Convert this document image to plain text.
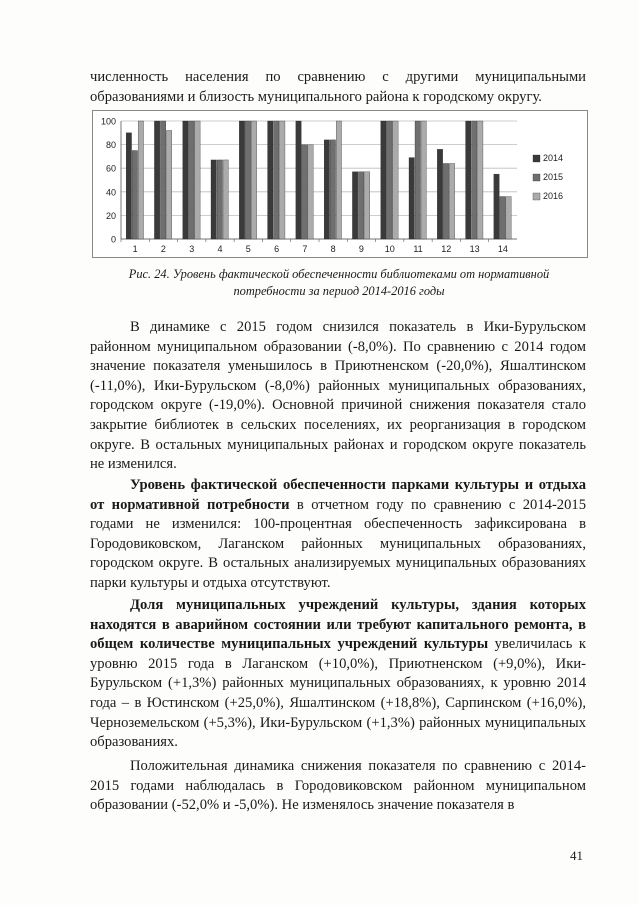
численность населения по сравнению с другими муниципальными образованиями и близость муниципального района к городскому округу.

0
20
40
60
80
100
1	2	3	4	5	6	7	8	9 10 11 12 13 14
2014
2015
2016
Рис. 24. Уровень фактической обеспеченности библиотеками от нормативной потребности за период 2014-2016 годы

В динамике с 2015 годом снизился показатель в Ики-Бурульском районном муниципальном образовании (-8,0%). По сравнению с 2014 годом значение показателя уменьшилось в Приютненском (-20,0%), Яшалтинском (-11,0%), Ики-Бурульском (-8,0%) районных муниципальных образованиях, городском округе (-19,0%). Основной причиной снижения показателя стало закрытие библиотек в сельских поселениях, их реорганизация в городском округе. В остальных муниципальных районах и городском округе показатель не изменился.

Уровень фактической обеспеченности парками культуры и отдыха от нормативной потребности в отчетном году по сравнению с 2014-2015 годами не изменился: 100-процентная обеспеченность зафиксирована в Городовиковском, Лаганском районных муниципальных образованиях, городском округе. В остальных анализируемых муниципальных образованиях парки культуры и отдыха отсутствуют.

Доля муниципальных учреждений культуры, здания которых находятся в аварийном состоянии или требуют капитального ремонта, в общем количестве муниципальных учреждений культуры увеличилась к уровню 2015 года в Лаганском (+10,0%), Приютненском (+9,0%), Ики-Бурульском (+1,3%) районных муниципальных образованиях, к уровню 2014 года – в Юстинском (+25,0%), Яшалтинском (+18,8%), Сарпинском (+16,0%), Черноземельском (+5,3%), Ики-Бурульском (+1,3%) районных муниципальных образованиях.

Положительная динамика снижения показателя по сравнению с 2014-2015 годами наблюдалась в Городовиковском районном муниципальном образовании (-52,0% и -5,0%). Не изменялось значение показателя в

41
